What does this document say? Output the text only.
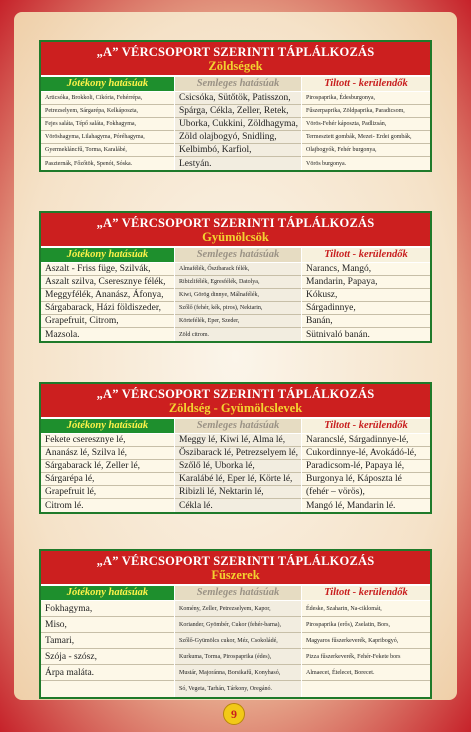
„A” VÉRCSOPORT SZERINTI TÁPLÁLKOZÁS
Zöldségek
Jótékony hatásúak
Articsóka, Brokkoli, Cikória, Fehérrépa,
Petrezselyem, Sárgarépa, Kelkáposzta,
Fejes saláta, Tépő saláta, Fokhagyma,
Vöröshagyma, Lilahagyma, Póréhagyma,
Gyermekláncfű, Torma, Karalábé,
Paszternák, Főzőtök, Spenót, Sóska.
Semleges hatásúak
Csicsóka, Sütőtök, Patisszon,
Spárga, Cékla, Zeller, Retek,
Uborka, Cukkini, Zöldhagyma,
Zöld olajbogyó, Snidling,
Kelbimbó, Karfiol,
Lestyán.
Tiltott - kerülendők
Pirospaprika, Édesburgonya,
Fűszerpaprika, Zöldpaprika, Paradicsom,
Vörös-Fehér káposzta, Padlizsán,
Termesztett gombák, Mezei- Erdei gombák,
Olajbogyók, Fehér burgonya,
Vörös burgonya.
„A” VÉRCSOPORT SZERINTI TÁPLÁLKOZÁS
Gyümölcsök
Jótékony hatásúak
Aszalt - Friss füge, Szilvák,
Aszalt szilva, Cseresznye félék,
Meggyfélék, Ananász, Áfonya,
Sárgabarack, Házi földiszeder,
Grapefruit, Citrom,
Mazsola.
Semleges hatásúak
Almafélék, Őszibarack félék,
Ribizlifélék, Egresfélék, Datolya,
Kiwi, Görög dinnye, Málnafélék,
Szőlő (fehér, kék, piros), Nektarin,
Körtefélék, Eper, Szeder,
Zöld citrom.
Tiltott - kerülendők
Narancs, Mangó,
Mandarin, Papaya,
Kókusz,
Sárgadinnye,
Banán,
Sütnivaló banán.
„A” VÉRCSOPORT SZERINTI TÁPLÁLKOZÁS
Zöldség - Gyümölcslevek
Jótékony hatásúak
Fekete cseresznye lé,
Ananász lé, Szilva lé,
Sárgabarack lé, Zeller lé,
Sárgarépa lé,
Grapefruit lé,
Citrom lé.
Semleges hatásúak
Meggy lé, Kiwi lé, Alma lé,
Őszibarack lé, Petrezselyem lé,
Szőlő lé, Uborka lé,
Karalábé lé, Eper lé, Körte lé,
Ribizli lé, Nektarin lé,
Cékla lé.
Tiltott - kerülendők
Narancslé, Sárgadinnye-lé,
Cukordinnye-lé, Avokádó-lé,
Paradicsom-lé, Papaya lé,
Burgonya lé, Káposzta lé
(fehér – vörös),
Mangó lé, Mandarin lé.
„A” VÉRCSOPORT SZERINTI TÁPLÁLKOZÁS
Fűszerek
Jótékony hatásúak
Fokhagyma,
Miso,
Tamari,
Szója - szósz,
Árpa maláta.
Semleges hatásúak
Komény, Zeller, Petrezselyem, Kapor,
Koriander, Gyömbér, Cukor (fehér-barna),
Szőlő-Gyümölcs cukor, Méz, Csokoládé,
Kurkuma, Torma, Pirospaprika (édes),
Mustár, Majoránna, Borsikafű, Konyhasó,
Só, Vegeta, Tarhán, Tárkony, Oregánó.
Tiltott - kerülendők
Édeske, Szaharin, Na-ciklomát,
Pirospaprika (erős), Zselatin, Bors,
Magyaros fűszerkeverék, Kapribogyó,
Pizza fűszerkeverék, Fehér-Fekete bors
Almaecet, Ételecet, Borecet.
9
